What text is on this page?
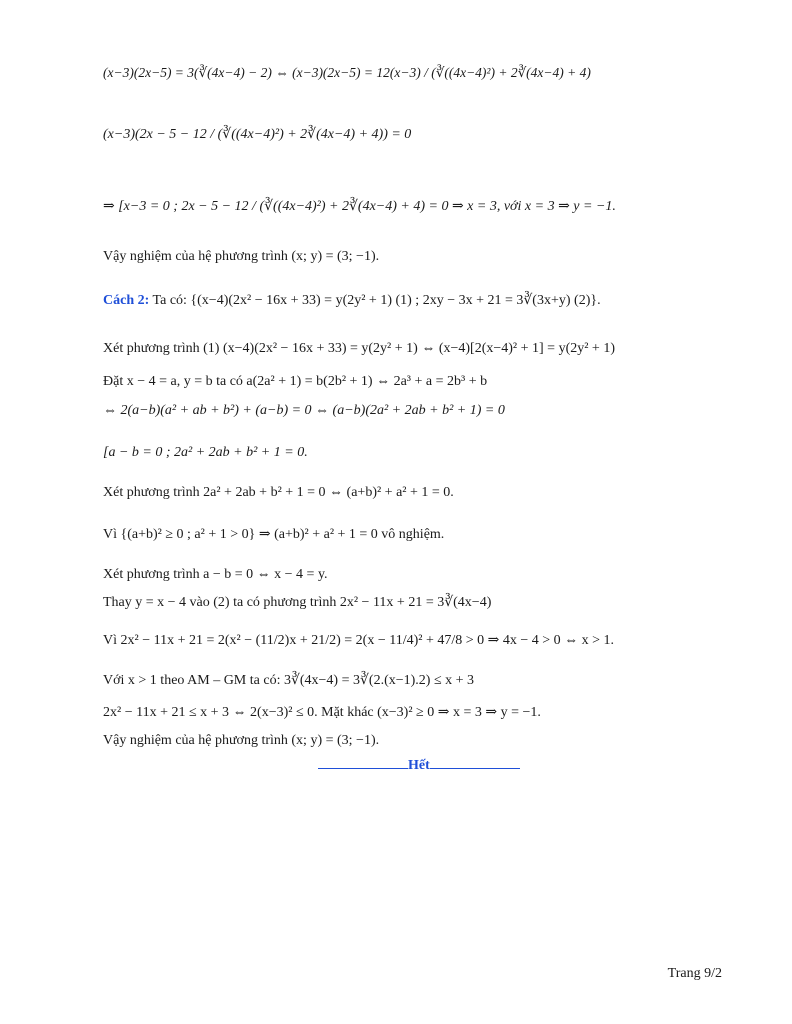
(x−3)(2x−5) = 3(∛(4x−4) − 2) ⇔ (x−3)(2x−5) = 12(x−3) / (∛((4x−4)²) + 2∛(4x−4) + 4)
(x−3)(2x − 5 − 12 / (∛((4x−4)²) + 2∛(4x−4) + 4)) = 0
⇒ [x−3 = 0 ; 2x − 5 − 12 / (∛((4x−4)²) + 2∛(4x−4) + 4) = 0 ⇒ x = 3, với x = 3 ⇒ y = −1.
Vậy nghiệm của hệ phương trình (x; y) = (3; −1).
Cách 2: Ta có: {(x−4)(2x² − 16x + 33) = y(2y² + 1) (1) ; 2xy − 3x + 21 = 3∛(3x+y) (2)}.
Xét phương trình (1) (x−4)(2x² − 16x + 33) = y(2y² + 1) ⇔ (x−4)[2(x−4)² + 1] = y(2y² + 1)
Đặt x − 4 = a, y = b ta có a(2a² + 1) = b(2b² + 1) ⇔ 2a³ + a = 2b³ + b
⇔ 2(a−b)(a² + ab + b²) + (a−b) = 0 ⇔ (a−b)(2a² + 2ab + b² + 1) = 0
[a − b = 0 ; 2a² + 2ab + b² + 1 = 0.
Xét phương trình 2a² + 2ab + b² + 1 = 0 ⇔ (a+b)² + a² + 1 = 0.
Vì {(a+b)² ≥ 0 ; a² + 1 > 0} ⇒ (a+b)² + a² + 1 = 0 vô nghiệm.
Xét phương trình a − b = 0 ⇔ x − 4 = y.
Thay y = x − 4 vào (2) ta có phương trình 2x² − 11x + 21 = 3∛(4x−4)
Vì 2x² − 11x + 21 = 2(x² − (11/2)x + 21/2) = 2(x − 11/4)² + 47/8 > 0 ⇒ 4x − 4 > 0 ⇔ x > 1.
Với x > 1 theo AM – GM ta có: 3∛(4x−4) = 3∛(2.(x−1).2) ≤ x + 3
2x² − 11x + 21 ≤ x + 3 ⇔ 2(x−3)² ≤ 0. Mặt khác (x−3)² ≥ 0 ⇒ x = 3 ⇒ y = −1.
Vậy nghiệm của hệ phương trình (x; y) = (3; −1).
Hết
Trang 9/2
